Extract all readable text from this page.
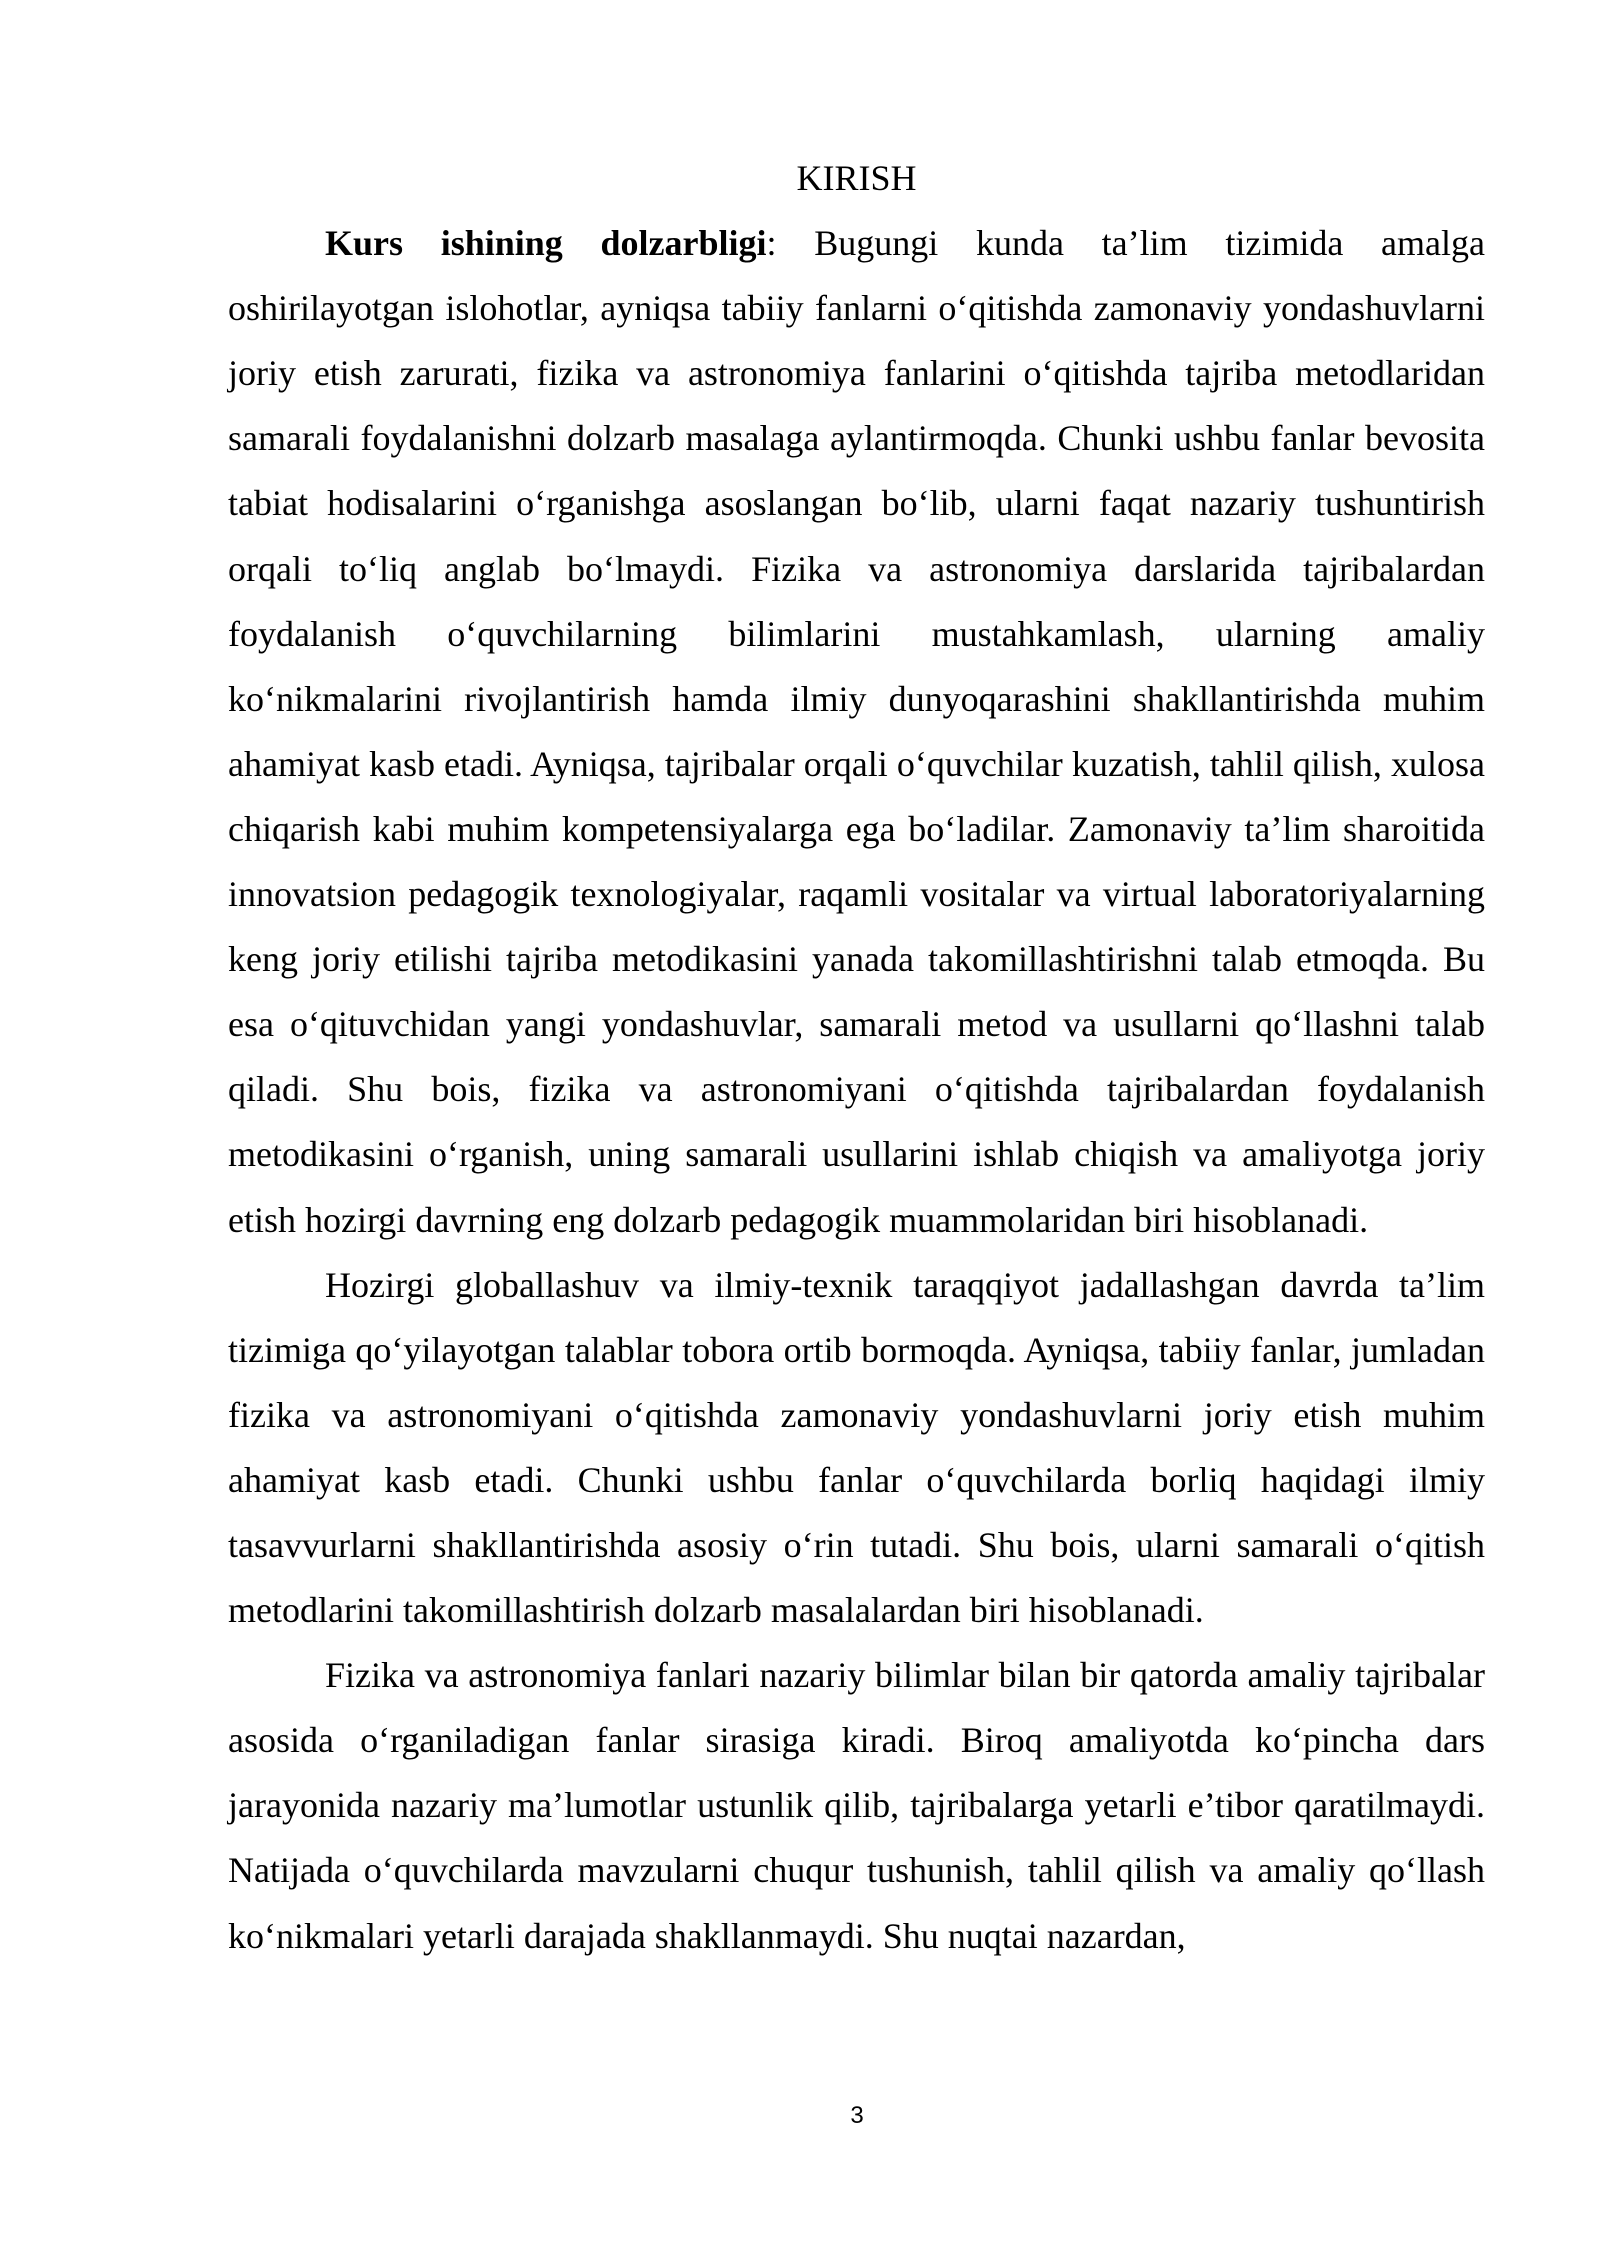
KIRISH

Kurs ishining dolzarbligi: Bugungi kunda ta’lim tizimida amalga oshirilayotgan islohotlar, ayniqsa tabiiy fanlarni o‘qitishda zamonaviy yondashuvlarni joriy etish zarurati, fizika va astronomiya fanlarini o‘qitishda tajriba metodlaridan samarali foydalanishni dolzarb masalaga aylantirmoqda. Chunki ushbu fanlar bevosita tabiat hodisalarini o‘rganishga asoslangan bo‘lib, ularni faqat nazariy tushuntirish orqali to‘liq anglab bo‘lmaydi. Fizika va astronomiya darslarida tajribalardan foydalanish o‘quvchilarning bilimlarini mustahkamlash, ularning amaliy ko‘nikmalarini rivojlantirish hamda ilmiy dunyoqarashini shakllantirishda muhim ahamiyat kasb etadi. Ayniqsa, tajribalar orqali o‘quvchilar kuzatish, tahlil qilish, xulosa chiqarish kabi muhim kompetensiyalarga ega bo‘ladilar. Zamonaviy ta’lim sharoitida innovatsion pedagogik texnologiyalar, raqamli vositalar va virtual laboratoriyalarning keng joriy etilishi tajriba metodikasini yanada takomillashtirishni talab etmoqda. Bu esa o‘qituvchidan yangi yondashuvlar, samarali metod va usullarni qo‘llashni talab qiladi. Shu bois, fizika va astronomiyani o‘qitishda tajribalardan foydalanish metodikasini o‘rganish, uning samarali usullarini ishlab chiqish va amaliyotga joriy etish hozirgi davrning eng dolzarb pedagogik muammolaridan biri hisoblanadi.

Hozirgi globallashuv va ilmiy-texnik taraqqiyot jadallashgan davrda ta’lim tizimiga qo‘yilayotgan talablar tobora ortib bormoqda. Ayniqsa, tabiiy fanlar, jumladan fizika va astronomiyani o‘qitishda zamonaviy yondashuvlarni joriy etish muhim ahamiyat kasb etadi. Chunki ushbu fanlar o‘quvchilarda borliq haqidagi ilmiy tasavvurlarni shakllantirishda asosiy o‘rin tutadi. Shu bois, ularni samarali o‘qitish metodlarini takomillashtirish dolzarb masalalardan biri hisoblanadi.

Fizika va astronomiya fanlari nazariy bilimlar bilan bir qatorda amaliy tajribalar asosida o‘rganiladigan fanlar sirasiga kiradi. Biroq amaliyotda ko‘pincha dars jarayonida nazariy ma’lumotlar ustunlik qilib, tajribalarga yetarli e’tibor qaratilmaydi. Natijada o‘quvchilarda mavzularni chuqur tushunish, tahlil qilish va amaliy qo‘llash ko‘nikmalari yetarli darajada shakllanmaydi. Shu nuqtai nazardan,

3
